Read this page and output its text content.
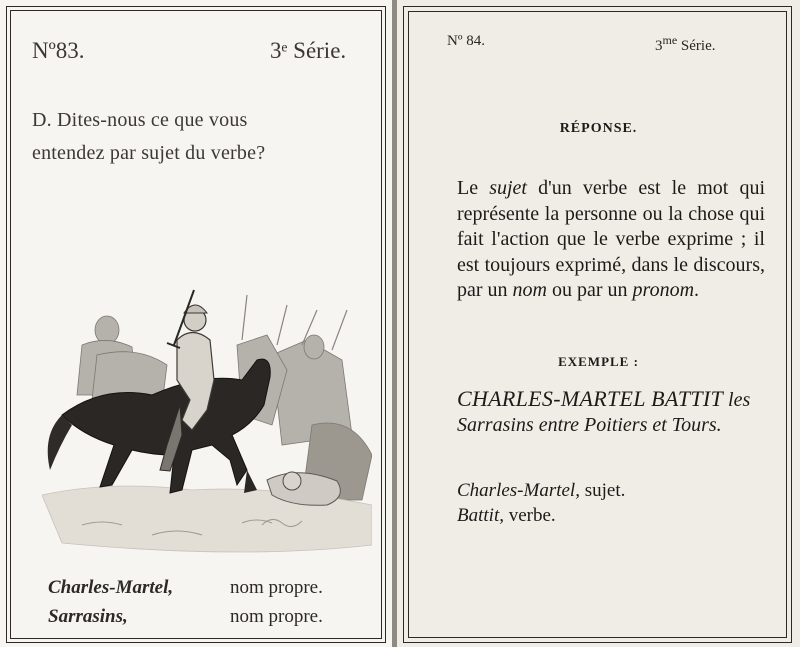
Nº83.	3ᵉ Série.
D. Dites-nous ce que vous
entendez par sujet du verbe?
Charles-Martel,	nom propre.
Sarrasins,	nom propre.
Nº 84.	$3^{me}$ Série.
RÉPONSE.
Le sujet d'un verbe est le mot qui représente la personne ou la chose qui fait l'action que le verbe exprime ; il est toujours exprimé, dans le discours, par un nom ou par un pronom.
EXEMPLE :
CHARLES-MARTEL BATTIT les Sarrasins entre Poitiers et Tours.
Charles-Martel, sujet.
Battit, verbe.
